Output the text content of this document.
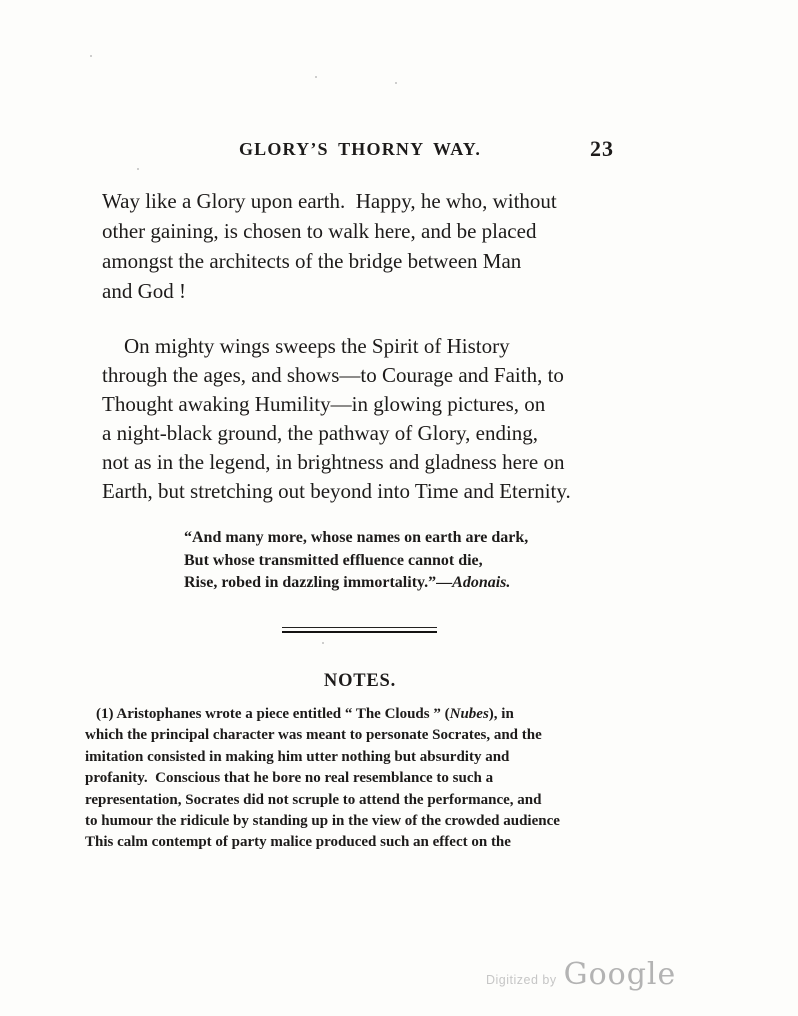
GLORY’S THORNY WAY.	23
Way like a Glory upon earth.  Happy, he who, without
other gaining, is chosen to walk here, and be placed
amongst the architects of the bridge between Man
and God !
On mighty wings sweeps the Spirit of History
through the ages, and shows—to Courage and Faith, to
Thought awaking Humility—in glowing pictures, on
a night-black ground, the pathway of Glory, ending,
not as in the legend, in brightness and gladness here on
Earth, but stretching out beyond into Time and Eternity.
“And many more, whose names on earth are dark,
But whose transmitted effluence cannot die,
Rise, robed in dazzling immortality.”—Adonais.
NOTES.
(1) Aristophanes wrote a piece entitled “ The Clouds ” (Nubes), in
which the principal character was meant to personate Socrates, and the
imitation consisted in making him utter nothing but absurdity and
profanity.  Conscious that he bore no real resemblance to such a
representation, Socrates did not scruple to attend the performance, and
to humour the ridicule by standing up in the view of the crowded audience
This calm contempt of party malice produced such an effect on the
Digitized by Google
